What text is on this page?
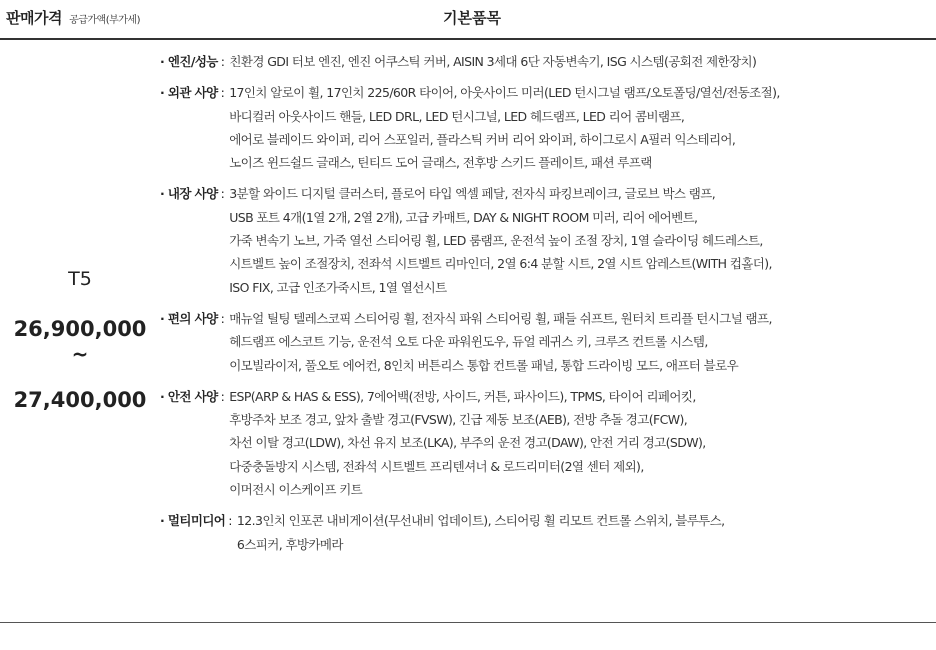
판매가격 공급가액(부가세)	기본품목
T5
26,900,000
~
27,400,000
· 엔진/성능 : 친환경 GDI 터보 엔진, 엔진 어쿠스틱 커버, AISIN 3세대 6단 자동변속기, ISG 시스템(공회전 제한장치)
· 외관 사양 : 17인치 알로이 휠, 17인치 225/60R 타이어, 아웃사이드 미러(LED 턴시그널 램프/오토폴딩/열선/전동조절),
바디컬러 아웃사이드 핸들, LED DRL, LED 턴시그널, LED 헤드램프, LED 리어 콤비램프,
에어로 블레이드 와이퍼, 리어 스포일러, 플라스틱 커버 리어 와이퍼, 하이그로시 A필러 익스테리어,
노이즈 윈드쉴드 글래스, 틴티드 도어 글래스, 전후방 스키드 플레이트, 패션 루프랙
· 내장 사양 : 3분할 와이드 디지털 클러스터, 플로어 타입 엑셀 페달, 전자식 파킹브레이크, 글로브 박스 램프,
USB 포트 4개(1열 2개, 2열 2개), 고급 카매트, DAY & NIGHT ROOM 미러, 리어 에어벤트,
가죽 변속기 노브, 가죽 열선 스티어링 휠, LED 룸램프, 운전석 높이 조절 장치, 1열 슬라이딩 헤드레스트,
시트벨트 높이 조절장치, 전좌석 시트벨트 리마인더, 2열 6:4 분할 시트, 2열 시트 암레스트(WITH 컵홀더),
ISO FIX, 고급 인조가죽시트, 1열 열선시트
· 편의 사양 : 매뉴얼 틸팅 텔레스코픽 스티어링 휠, 전자식 파워 스티어링 휠, 패들 쉬프트, 원터치 트리플 턴시그널 램프,
헤드램프 에스코트 기능, 운전석 오토 다운 파워윈도우, 듀얼 레귀스 키, 크루즈 컨트롤 시스템,
이모빌라이저, 풀오토 에어컨, 8인치 버튼리스 통합 컨트롤 패널, 통합 드라이빙 모드, 애프터 블로우
· 안전 사양 : ESP(ARP & HAS & ESS), 7에어백(전방, 사이드, 커튼, 파사이드), TPMS, 타이어 리페어킷,
후방주차 보조 경고, 앞차 출발 경고(FVSW), 긴급 제동 보조(AEB), 전방 추돌 경고(FCW),
차선 이탈 경고(LDW), 차선 유지 보조(LKA), 부주의 운전 경고(DAW), 안전 거리 경고(SDW),
다중충돌방지 시스템, 전좌석 시트벨트 프리텐셔너 & 로드리미터(2열 센터 제외),
이머전시 이스케이프 키트
· 멀티미디어 : 12.3인치 인포콘 내비게이션(무선내비 업데이트), 스티어링 휠 리모트 컨트롤 스위치, 블루투스,
6스피커, 후방카메라
